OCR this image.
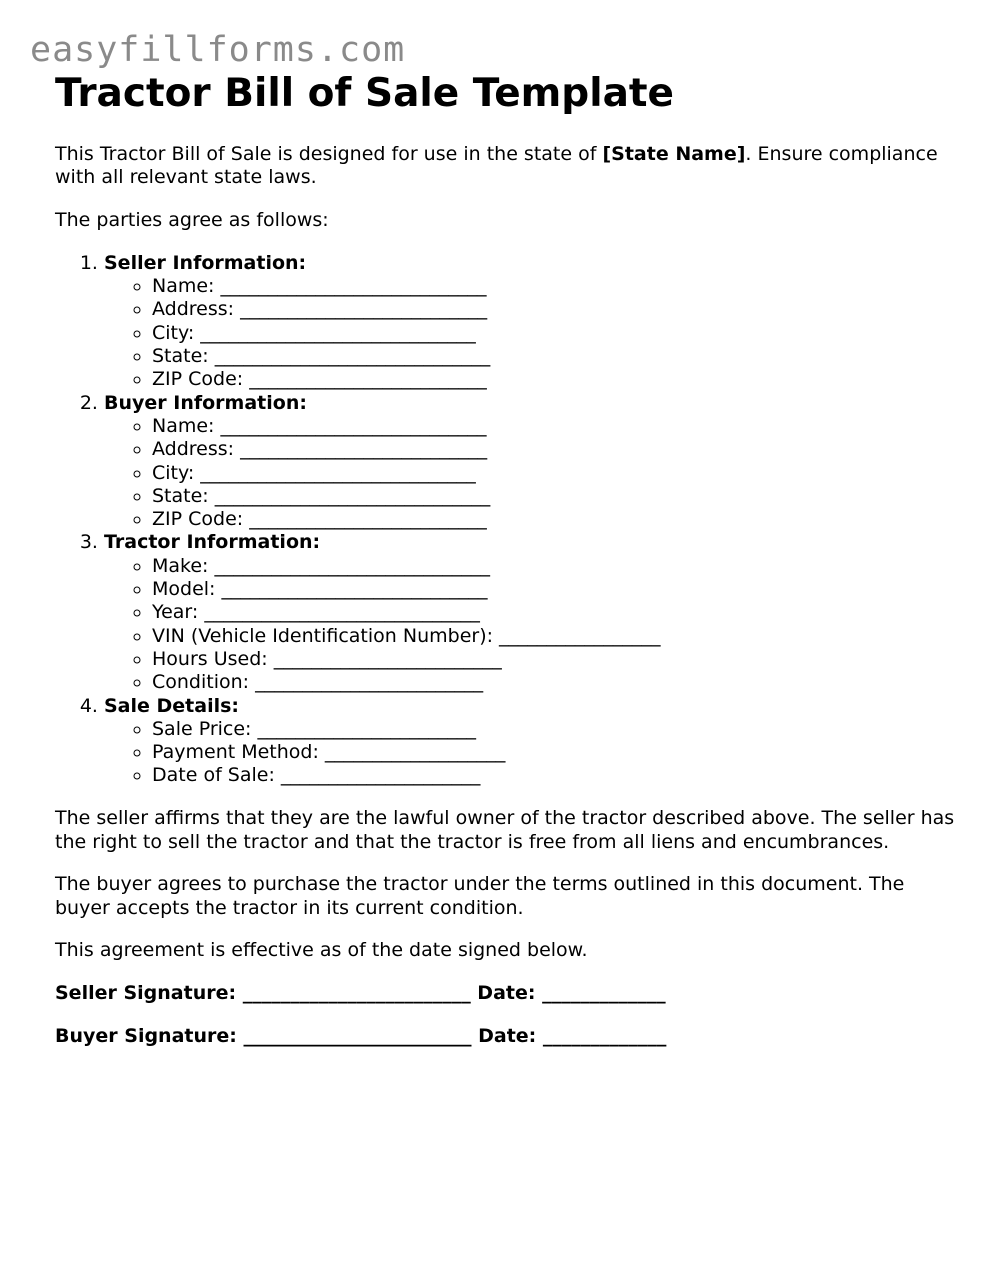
easyfillforms.com
Tractor Bill of Sale Template

This Tractor Bill of Sale is designed for use in the state of [State Name]. Ensure compliance with all relevant state laws.

The parties agree as follows:

1. Seller Information:
◦ Name: ____________________________
◦ Address: __________________________
◦ City: _____________________________
◦ State: _____________________________
◦ ZIP Code: _________________________
2. Buyer Information:
◦ Name: ____________________________
◦ Address: __________________________
◦ City: _____________________________
◦ State: _____________________________
◦ ZIP Code: _________________________
3. Tractor Information:
◦ Make: _____________________________
◦ Model: ____________________________
◦ Year: _____________________________
◦ VIN (Vehicle Identification Number): _________________
◦ Hours Used: ________________________
◦ Condition: ________________________
4. Sale Details:
◦ Sale Price: _______________________
◦ Payment Method: ___________________
◦ Date of Sale: _____________________

The seller affirms that they are the lawful owner of the tractor described above. The seller has the right to sell the tractor and that the tractor is free from all liens and encumbrances.

The buyer agrees to purchase the tractor under the terms outlined in this document. The buyer accepts the tractor in its current condition.

This agreement is effective as of the date signed below.

Seller Signature: ________________________ Date: _____________
Buyer Signature: ________________________ Date: _____________
